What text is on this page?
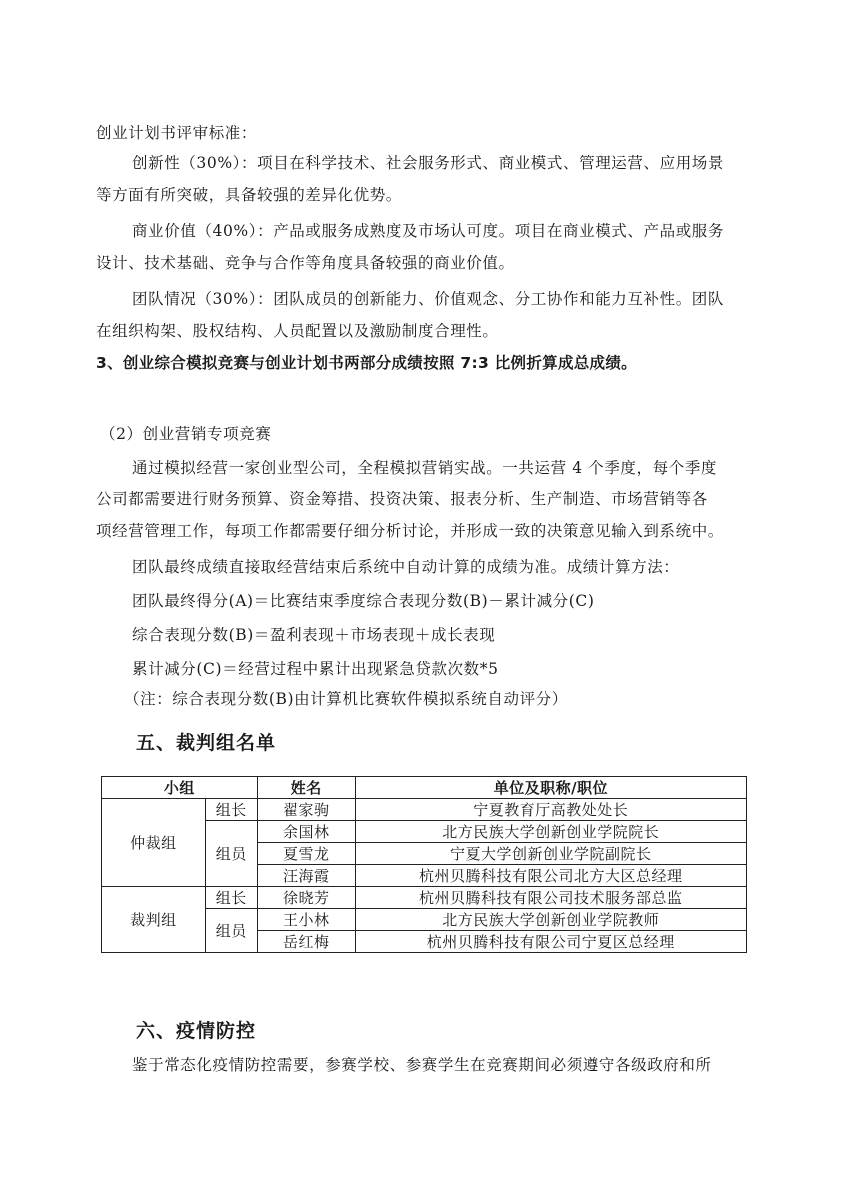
创业计划书评审标准：
创新性（30%）：项目在科学技术、社会服务形式、商业模式、管理运营、应用场景
等方面有所突破，具备较强的差异化优势。
商业价值（40%）：产品或服务成熟度及市场认可度。项目在商业模式、产品或服务
设计、技术基础、竞争与合作等角度具备较强的商业价值。
团队情况（30%）：团队成员的创新能力、价值观念、分工协作和能力互补性。团队
在组织构架、股权结构、人员配置以及激励制度合理性。
3、创业综合模拟竞赛与创业计划书两部分成绩按照 7:3 比例折算成总成绩。
（2）创业营销专项竞赛
通过模拟经营一家创业型公司，全程模拟营销实战。一共运营 4 个季度，每个季度
公司都需要进行财务预算、资金筹措、投资决策、报表分析、生产制造、市场营销等各
项经营管理工作，每项工作都需要仔细分析讨论，并形成一致的决策意见输入到系统中。
团队最终成绩直接取经营结束后系统中自动计算的成绩为准。成绩计算方法：
团队最终得分(A)＝比赛结束季度综合表现分数(B)－累计减分(C)
综合表现分数(B)＝盈利表现＋市场表现＋成长表现
累计减分(C)＝经营过程中累计出现紧急贷款次数*5
（注：综合表现分数(B)由计算机比赛软件模拟系统自动评分）
五、裁判组名单
小组		姓名	单位及职称/职位
仲裁组	组长	翟家驹	宁夏教育厅高教处处长
	组员	余国林	北方民族大学创新创业学院院长
		夏雪龙	宁夏大学创新创业学院副院长
		汪海霞	杭州贝腾科技有限公司北方大区总经理
裁判组	组长	徐晓芳	杭州贝腾科技有限公司技术服务部总监
	组员	王小林	北方民族大学创新创业学院教师
		岳红梅	杭州贝腾科技有限公司宁夏区总经理
六、疫情防控
鉴于常态化疫情防控需要，参赛学校、参赛学生在竞赛期间必须遵守各级政府和所
